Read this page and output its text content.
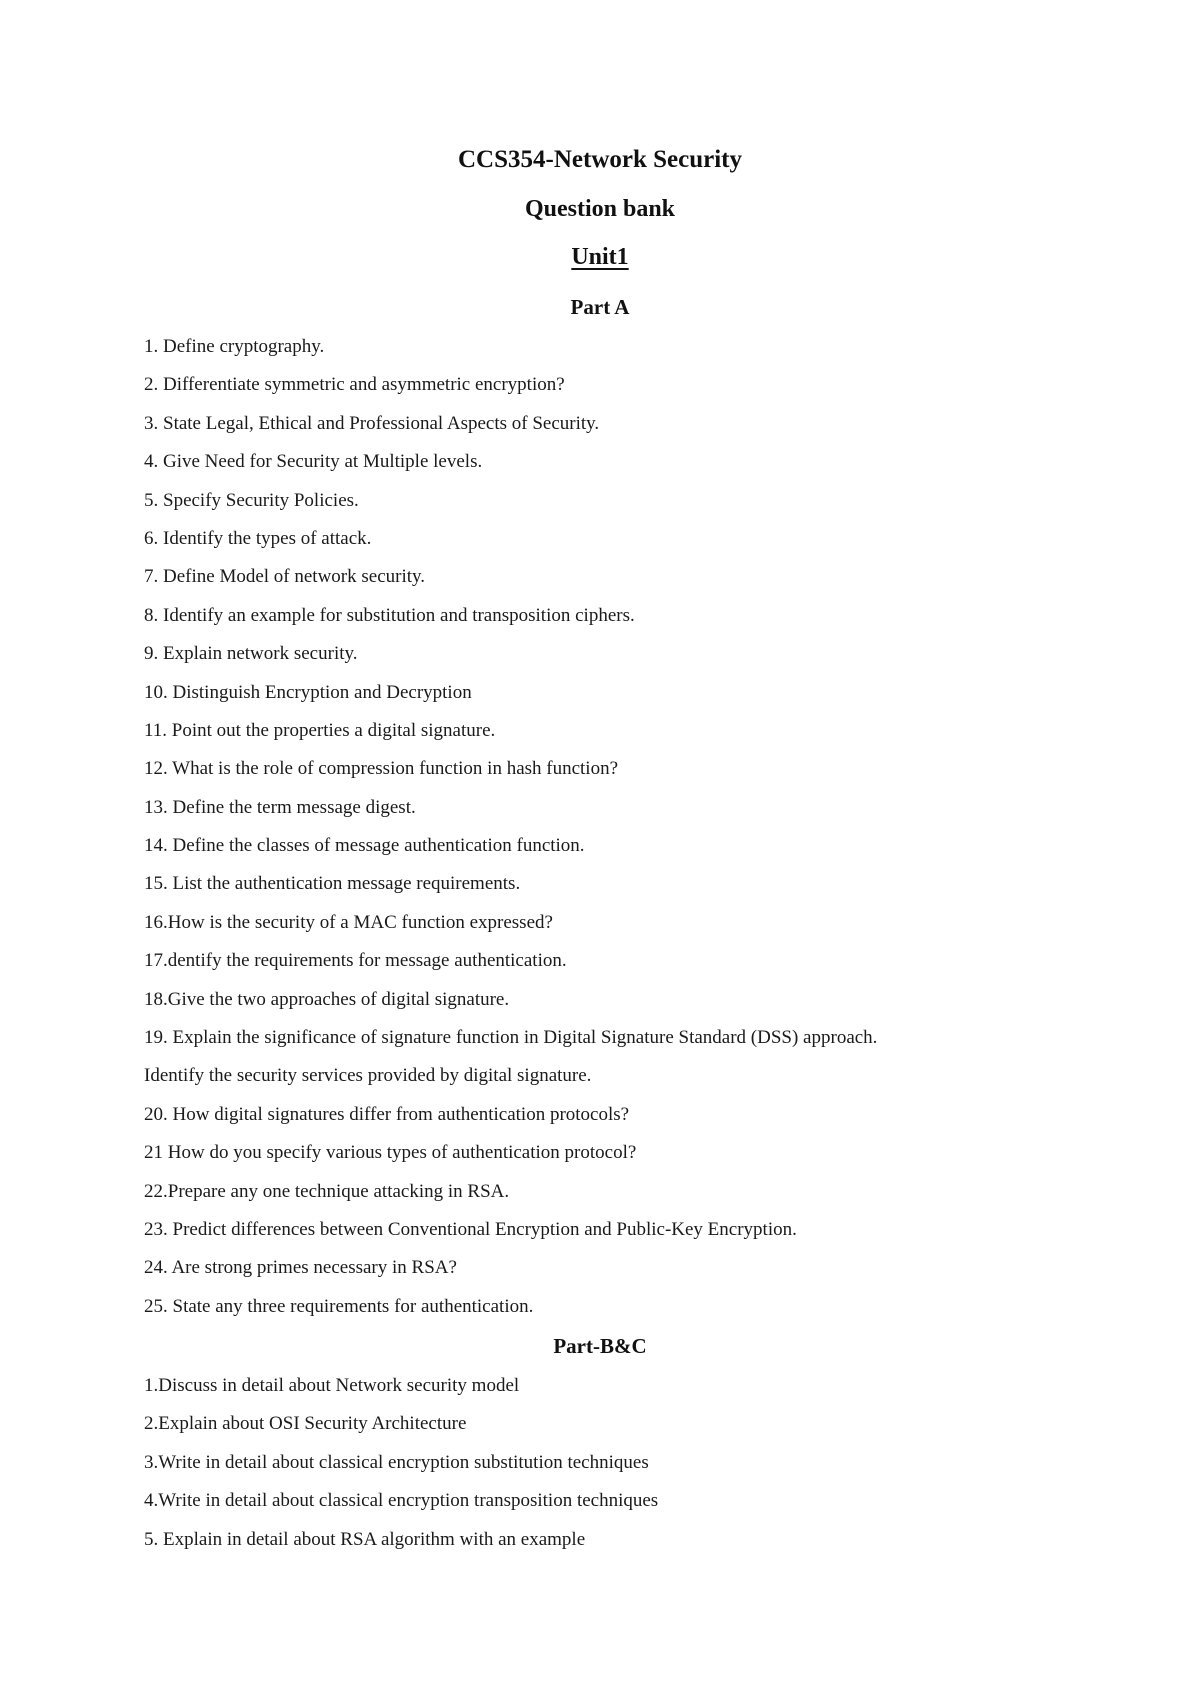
CCS354-Network Security
Question bank
Unit1
Part A
1. Define cryptography.
2. Differentiate symmetric and asymmetric encryption?
3. State Legal, Ethical and Professional Aspects of Security.
4. Give Need for Security at Multiple levels.
5. Specify Security Policies.
6. Identify the types of attack.
7. Define Model of network security.
8. Identify an example for substitution and transposition ciphers.
9. Explain network security.
10. Distinguish Encryption and Decryption
11. Point out the properties a digital signature.
12. What is the role of compression function in hash function?
13. Define the term message digest.
14. Define the classes of message authentication function.
15. List the authentication message requirements.
16.How is the security of a MAC function expressed?
17.dentify the requirements for message authentication.
18.Give the two approaches of digital signature.
19. Explain the significance of signature function in Digital Signature Standard (DSS) approach.
Identify the security services provided by digital signature.
20. How digital signatures differ from authentication protocols?
21 How do you specify various types of authentication protocol?
22.Prepare any one technique attacking in RSA.
23. Predict differences between Conventional Encryption and Public-Key Encryption.
24. Are strong primes necessary in RSA?
25. State any three requirements for authentication.
Part-B&C
1.Discuss in detail about Network security model
2.Explain about OSI Security Architecture
3.Write in detail about classical encryption substitution techniques
4.Write in detail about classical encryption transposition techniques
5. Explain in detail about RSA algorithm with an example
